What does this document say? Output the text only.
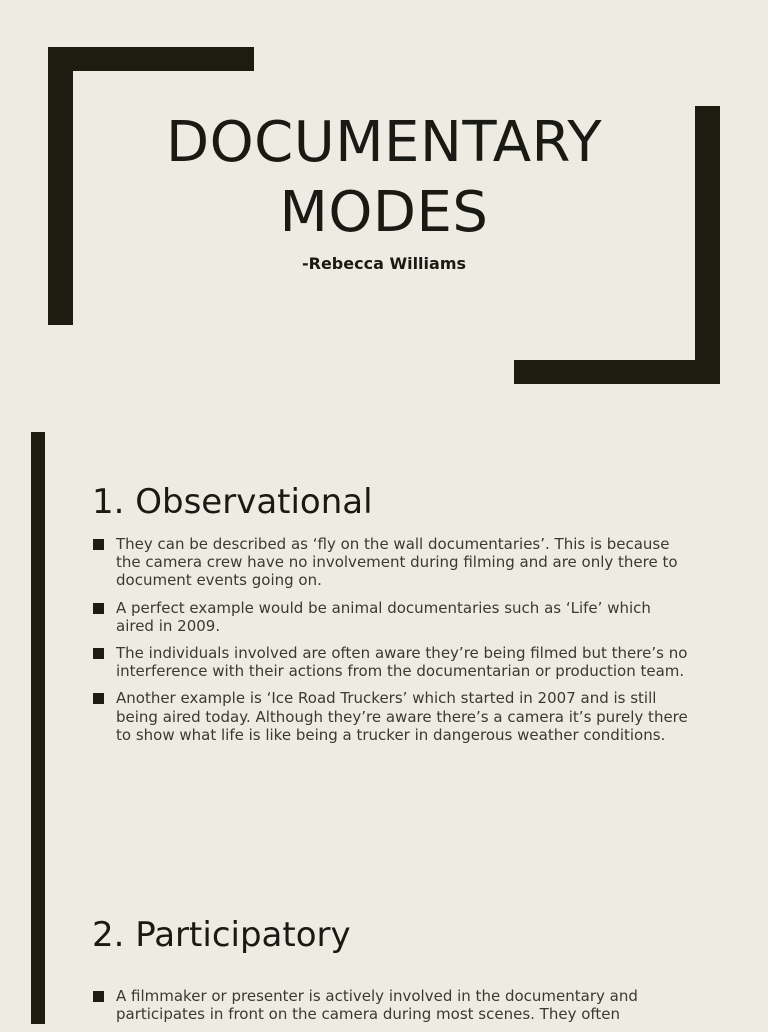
DOCUMENTARY
MODES
-Rebecca Williams
1. Observational
They can be described as ‘fly on the wall documentaries’. This is because the camera crew have no involvement during filming and are only there to document events going on.
A perfect example would be animal documentaries such as ‘Life’ which aired in 2009.
The individuals involved are often aware they’re being filmed but there’s no interference with their actions from the documentarian or production team.
Another example is ‘Ice Road Truckers’ which started in 2007 and is still being aired today. Although they’re aware there’s a camera it’s purely there to show what life is like being a trucker in dangerous weather conditions.
2. Participatory
A filmmaker or presenter is actively involved in the documentary and participates in front on the camera during most scenes. They often
